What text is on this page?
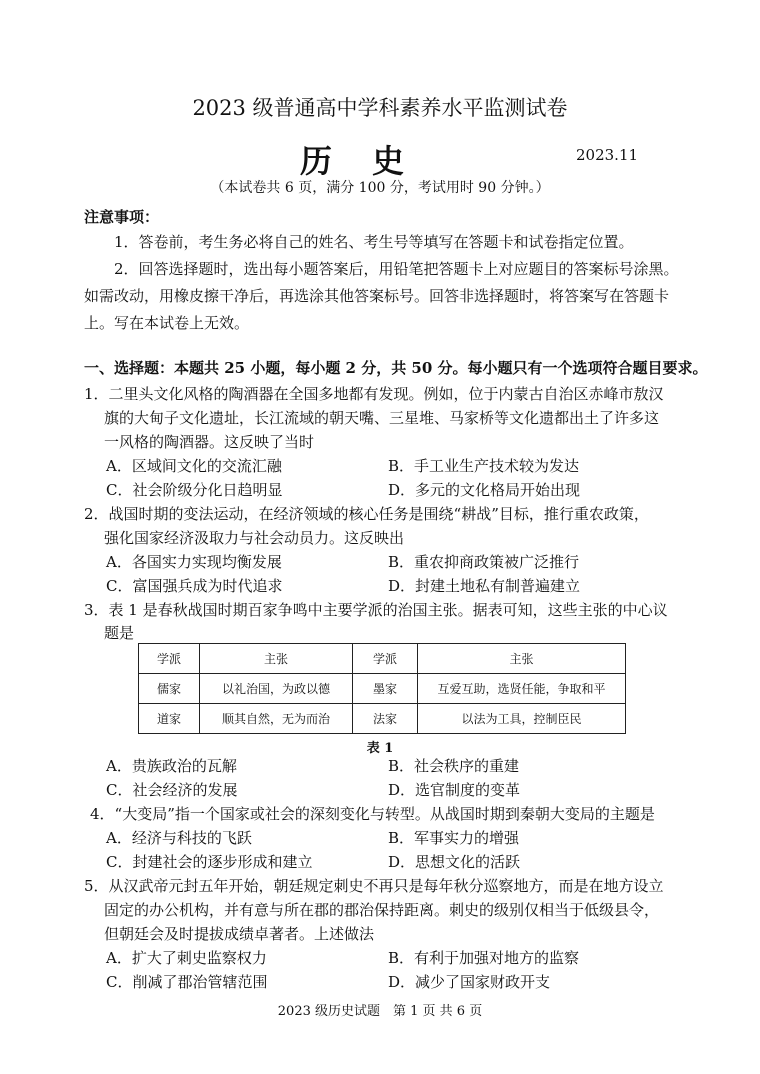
2023 级普通高中学科素养水平监测试卷
历史	2023.11
（本试卷共 6 页，满分 100 分，考试用时 90 分钟。）
注意事项：
1．答卷前，考生务必将自己的姓名、考生号等填写在答题卡和试卷指定位置。
2．回答选择题时，选出每小题答案后，用铅笔把答题卡上对应题目的答案标号涂黑。
如需改动，用橡皮擦干净后，再选涂其他答案标号。回答非选择题时，将答案写在答题卡
上。写在本试卷上无效。
一、选择题：本题共 25 小题，每小题 2 分，共 50 分。每小题只有一个选项符合题目要求。
1．二里头文化风格的陶酒器在全国多地都有发现。例如，位于内蒙古自治区赤峰市敖汉
旗的大甸子文化遗址，长江流域的朝天嘴、三星堆、马家桥等文化遗都出土了许多这
一风格的陶酒器。这反映了当时
A．区域间文化的交流汇融	B．手工业生产技术较为发达
C．社会阶级分化日趋明显	D．多元的文化格局开始出现
2．战国时期的变法运动，在经济领域的核心任务是围绕“耕战”目标，推行重农政策，
强化国家经济汲取力与社会动员力。这反映出
A．各国实力实现均衡发展	B．重农抑商政策被广泛推行
C．富国强兵成为时代追求	D．封建土地私有制普遍建立
3．表 1 是春秋战国时期百家争鸣中主要学派的治国主张。据表可知，这些主张的中心议
题是
学派	主张	学派	主张
儒家	以礼治国，为政以德	墨家	互爱互助，选贤任能，争取和平
道家	顺其自然，无为而治	法家	以法为工具，控制臣民
表 1
A．贵族政治的瓦解	B．社会秩序的重建
C．社会经济的发展	D．选官制度的变革
4．“大变局”指一个国家或社会的深刻变化与转型。从战国时期到秦朝大变局的主题是
A．经济与科技的飞跃	B．军事实力的增强
C．封建社会的逐步形成和建立	D．思想文化的活跃
5．从汉武帝元封五年开始，朝廷规定刺史不再只是每年秋分巡察地方，而是在地方设立
固定的办公机构，并有意与所在郡的郡治保持距离。刺史的级别仅相当于低级县令，
但朝廷会及时提拔成绩卓著者。上述做法
A．扩大了刺史监察权力	B．有利于加强对地方的监察
C．削减了郡治管辖范围	D．减少了国家财政开支
2023 级历史试题　第 1 页 共 6 页
